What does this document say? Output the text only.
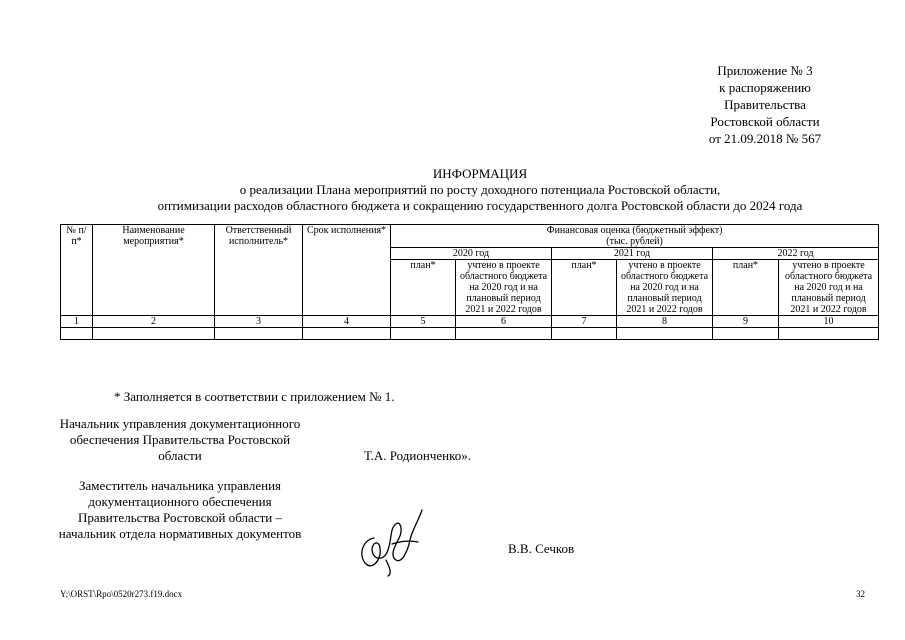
Приложение № 3
к распоряжению
Правительства
Ростовской области
от 21.09.2018 № 567
ИНФОРМАЦИЯ
о реализации Плана мероприятий по росту доходного потенциала Ростовской области,
оптимизации расходов областного бюджета и сокращению государственного долга Ростовской области до 2024 года
№ п/п*	Наименование мероприятия*	Ответственный исполнитель*	Срок исполнения*	Финансовая оценка (бюджетный эффект)
(тыс. рублей)					

				2020 год		2021 год		2022 год	
				план*	учтено в проекте областного бюджета на 2020 год и на плановый период 2021 и 2022 годов	план*	учтено в проекте областного бюджета на 2020 год и на плановый период 2021 и 2022 годов	план*	учтено в проекте областного бюджета на 2020 год и на плановый период 2021 и 2022 годов
1	2	3	4	5	6	7	8	9	10

* Заполняется в соответствии с приложением № 1.
Начальник управления документационного обеспечения Правительства Ростовской области	Т.А. Родионченко».
Заместитель начальника управления документационного обеспечения Правительства Ростовской области – начальник отдела нормативных документов
В.В. Сечков
Y:\ORST\Rpo\0520r273.f19.docx	32
